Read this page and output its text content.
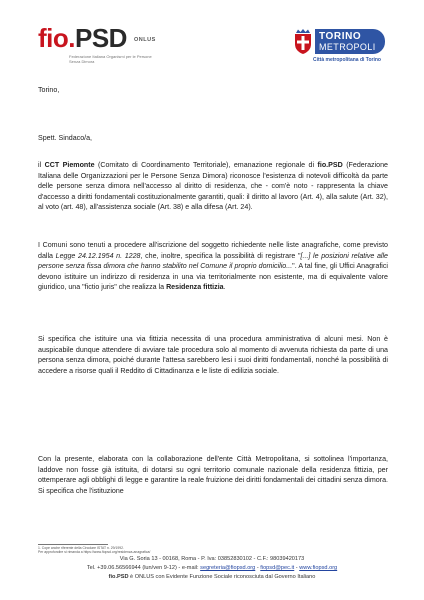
fio.PSD ONLUS
Federazione Italiana Organismi per le Persone Senza Dimora
TORINO
METROPOLI
Città metropolitana di Torino
Torino,
Spett. Sindaco/a,
il CCT Piemonte (Comitato di Coordinamento Territoriale), emanazione regionale di fio.PSD (Federazione Italiana delle Organizzazioni per le Persone Senza Dimora) riconosce l'esistenza di notevoli difficoltà da parte delle persone senza dimora nell'accesso al diritto di residenza, che - com'è noto - rappresenta la chiave d'accesso a diritti fondamentali costituzionalmente garantiti, quali: il diritto al lavoro (Art. 4), alla salute (Art. 32), al voto (art. 48), all'assistenza sociale (Art. 38) e alla difesa (Art. 24).
I Comuni sono tenuti a procedere all'iscrizione del soggetto richiedente nelle liste anagrafiche, come previsto dalla Legge 24.12.1954 n. 1228, che, inoltre, specifica la possibilità di registrare "[...] le posizioni relative alle persone senza fissa dimora che hanno stabilito nel Comune il proprio domicilio...". A tal fine, gli Uffici Anagrafici devono istituire un indirizzo di residenza in una via territorialmente non esistente, ma di equivalente valore giuridico, una "fictio juris" che realizza la Residenza fittizia.
Si specifica che istituire una via fittizia necessita di una procedura amministrativa di alcuni mesi. Non è auspicabile dunque attendere di avviare tale procedura solo al momento di avvenuta richiesta da parte di una persona senza dimora, poiché durante l'attesa sarebbero lesi i suoi diritti fondamentali, nonché la possibilità di accedere a risorse quali il Reddito di Cittadinanza e le liste di edilizia sociale.
Con la presente, elaborata con la collaborazione dell'ente Città Metropolitana, si sottolinea l'importanza, laddove non fosse già istituita, di dotarsi su ogni territorio comunale nazionale della residenza fittizia, per ottemperare agli obblighi di legge e garantire la reale fruizione dei diritti fondamentali dei cittadini senza dimora. Si specifica che l'istituzione
1. Cope anche riferente della Circolare ISTAT n. 29/1992.
Per approfondire si rimanda a https://www.fiopsd.org/residenza-anagrafica/
Via G. Soria 13 - 00168, Roma - P. Iva: 03852830102 - C.F.: 98039420173
Tel. +39.06.56566944 (lun/ven 9-12) - e-mail: segreteria@fiopsd.org - fiopsd@pec.it - www.fiopsd.org
fio.PSD è ONLUS con Evidente Funzione Sociale riconosciuta dal Governo Italiano
